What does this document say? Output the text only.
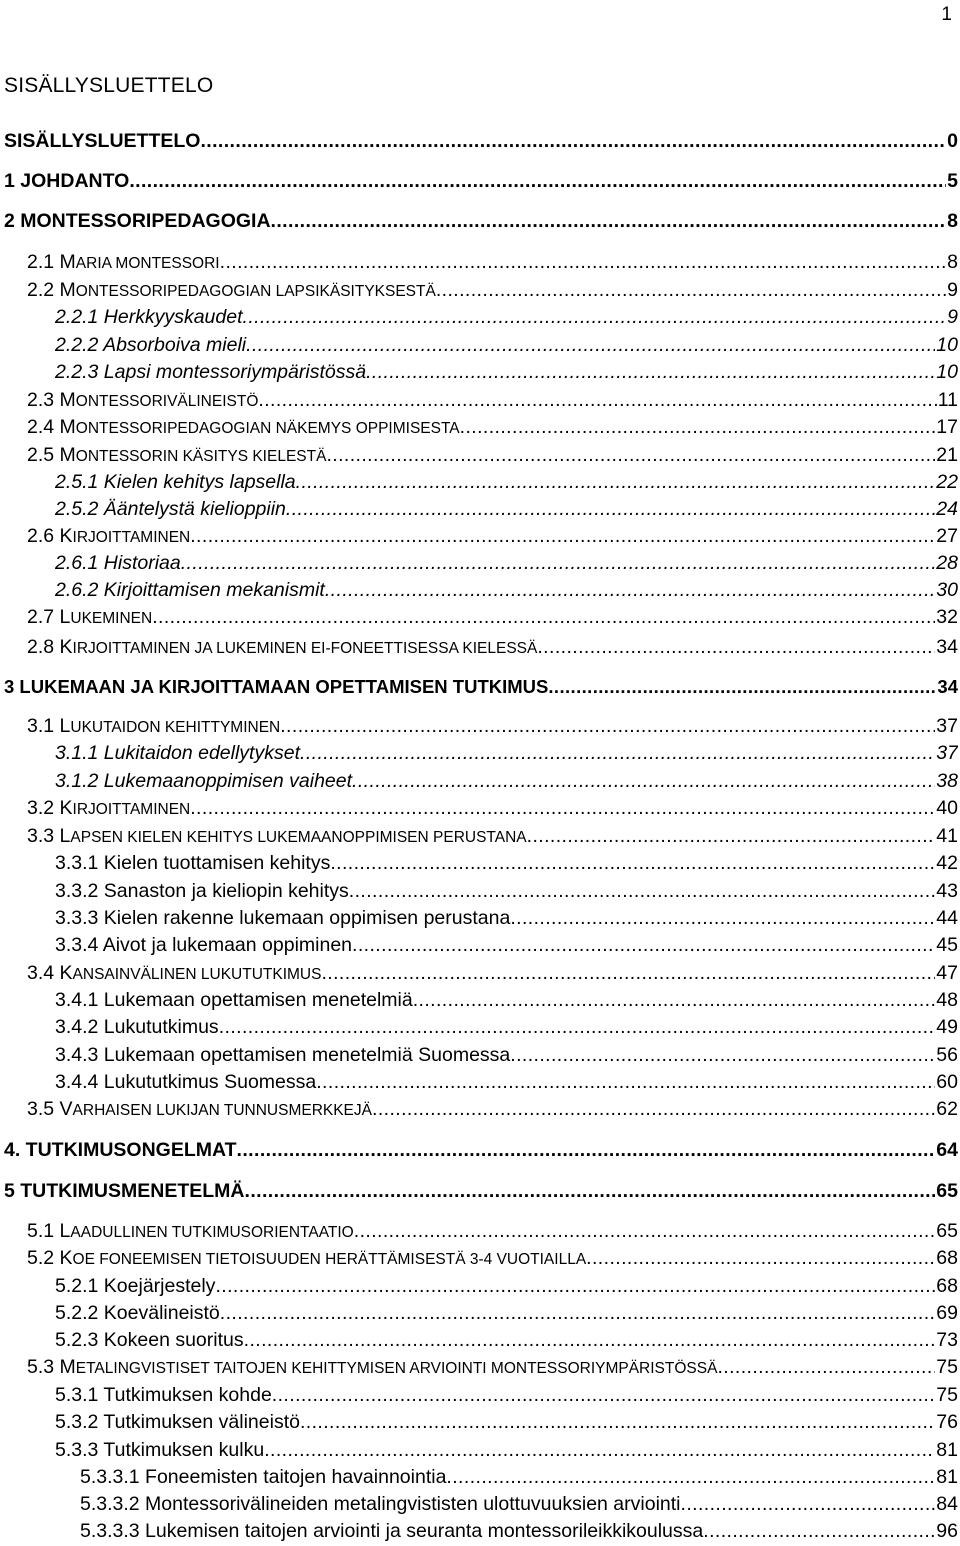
1
SISÄLLYSLUETTELO
SISÄLLYSLUETTELO .....	0
1 JOHDANTO .....	5
2 MONTESSORIPEDAGOGIA .....	8
2.1 MARIA MONTESSORI .....	8
2.2 MONTESSORIPEDAGOGIAN LAPSIKÄSITYKSESTÄ .....	9
2.2.1 Herkkyyskaudet .....	9
2.2.2 Absorboiva mieli .....	10
2.2.3 Lapsi montessoriympäristössä .....	10
2.3 MONTESSORIVÄLINEISTÖ .....	11
2.4 MONTESSORIPEDAGOGIAN NÄKEMYS OPPIMISESTA .....	17
2.5 MONTESSORIN KÄSITYS KIELESTÄ .....	21
2.5.1 Kielen kehitys lapsella .....	22
2.5.2 Ääntelystä kielioppiin .....	24
2.6 KIRJOITTAMINEN .....	27
2.6.1 Historiaa .....	28
2.6.2 Kirjoittamisen mekanismit .....	30
2.7 LUKEMINEN .....	32
2.8 KIRJOITTAMINEN JA LUKEMINEN EI-FONEETTISESSA KIELESSÄ .....	34
3 LUKEMAAN JA KIRJOITTAMAAN OPETTAMISEN TUTKIMUS .....	34
3.1 LUKUTAIDON KEHITTYMINEN .....	37
3.1.1 Lukitaidon edellytykset .....	37
3.1.2 Lukemaanoppimisen vaiheet .....	38
3.2 KIRJOITTAMINEN .....	40
3.3 LAPSEN KIELEN KEHITYS LUKEMAANOPPIMISEN PERUSTANA .....	41
3.3.1 Kielen tuottamisen kehitys .....	42
3.3.2 Sanaston ja kieliopin kehitys .....	43
3.3.3 Kielen rakenne lukemaan oppimisen perustana .....	44
3.3.4 Aivot ja lukemaan oppiminen .....	45
3.4 KANSAINVÄLINEN LUKUTUTKIMUS .....	47
3.4.1 Lukemaan opettamisen menetelmiä .....	48
3.4.2 Lukututkimus .....	49
3.4.3 Lukemaan opettamisen menetelmiä Suomessa .....	56
3.4.4 Lukututkimus Suomessa .....	60
3.5 VARHAISEN LUKIJAN TUNNUSMERKKEJÄ .....	62
4. TUTKIMUSONGELMAT .....	64
5 TUTKIMUSMENETELMÄ .....	65
5.1 LAADULLINEN TUTKIMUSORIENTAATIO .....	65
5.2 KOE FONEEMISEN TIETOISUUDEN HERÄTTÄMISESTÄ 3-4 VUOTIAILLA .....	68
5.2.1 Koejärjestely .....	68
5.2.2 Koevälineistö .....	69
5.2.3 Kokeen suoritus .....	73
5.3 METALINGVISTISET TAITOJEN KEHITTYMISEN ARVIOINTI MONTESSORIYMPÄRISTÖSSÄ .....	75
5.3.1 Tutkimuksen kohde .....	75
5.3.2 Tutkimuksen välineistö .....	76
5.3.3 Tutkimuksen kulku .....	81
5.3.3.1 Foneemisten taitojen havainnointia .....	81
5.3.3.2 Montessorivälineiden metalingvististen ulottuvuuksien arviointi .....	84
5.3.3.3 Lukemisen taitojen arviointi ja seuranta montessorileikkikoulussa .....	96
